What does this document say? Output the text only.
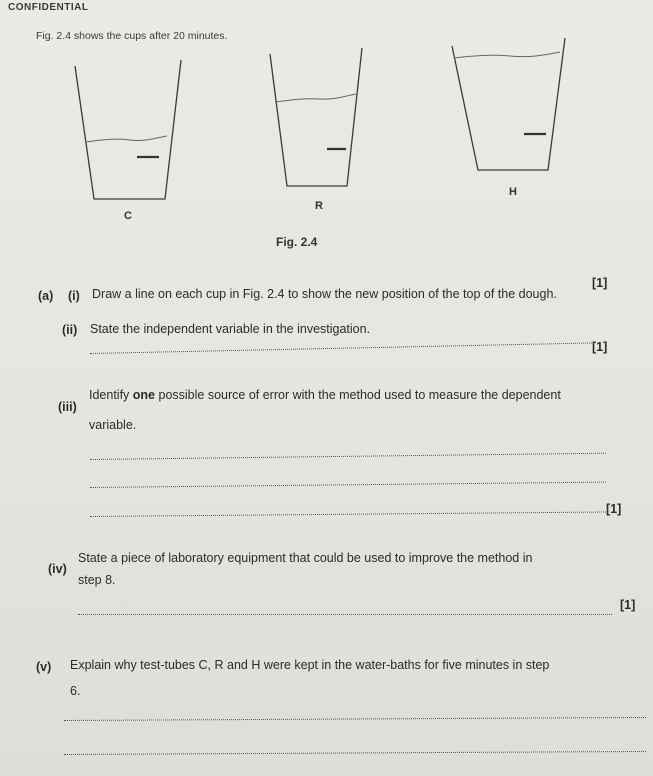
CONFIDENTIAL
Fig. 2.4 shows the cups after 20 minutes.
C
R
H
Fig. 2.4
(a) (i) Draw a line on each cup in Fig. 2.4 to show the new position of the top of the dough.
[1]
(ii) State the independent variable in the investigation.
[1]
(iii)
Identify one possible source of error with the method used to measure the dependent
variable.
[1]
(iv)
State a piece of laboratory equipment that could be used to improve the method in
step 8.
[1]
(v) Explain why test-tubes C, R and H were kept in the water-baths for five minutes in step
6.
